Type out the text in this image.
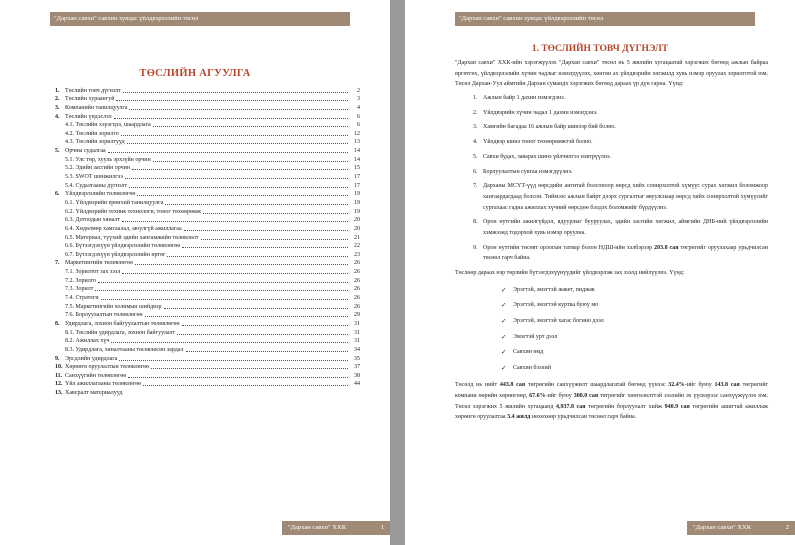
"Дархан савхи" савхин хувцас үйлдвэрлэлийн төсөл
ТӨСЛИЙН АГУУЛГА
1. Төслийн товч дүгнэлт	2
2. Төслийн хураангуй	3
3. Компанийн танилцуулга	4
4. Төслийн үндэслэл	6
4.1. Төслийн хэрэгцээ, шаардлага	6
4.2. Төслийн зорилго	12
4.3. Төслийн зорилтууд	13
5. Орчны судалгаа	14
5.1. Улс төр, хууль эрхзүйн орчин	14
5.2. Эдийн засгийн орчин	15
5.3. SWOT шинжилгээ	17
5.4. Судалгааны дүгнэлт	17
6. Үйлдвэрлэлийн төлөвлөгөө	19
6.1. Үйлдвэрийн ерөнхий танилцуулга	19
6.2. Үйлдвэрийн техник технологи, тоног төхөөрөмж	19
6.3. Дотоодын хяналт	20
6.4. Хөдөлмөр хамгаалал, аюулгүй ажиллагаа	20
6.5. Материал, түүхий эдийн хангамжийн төлөвлөлт	21
6.6. Бүтээгдэхүүн үйлдвэрлэлийн төлөвлөгөө	22
6.7. Бүтээгдэхүүн үйлдвэрлэлийн өртөг	23
7. Маркетингийн төлөвлөгөө	26
7.1. Зорилтот зах зээл	26
7.2. Зорилго	26
7.3. Зорилт	26
7.4. Стратеги	26
7.5. Маркетингийн холимын шийдвэр	26
7.6. Борлуулалтын төлөвлөгөө	29
8. Удирдлага, зохион байгуулалтын төлөвлөгөө	31
8.1. Төслийн удирдлага, зохион байгуулалт	31
8.2. Ажиллах хүч	31
8.3. Удирдлага, хяналтааны төсөвлөсөн зардал	34
9. Эрсдлийн удирдлага	35
10. Хөрөнгө оруулалтын төлөвлөгөө	37
11. Санхүүгийн төлөвлөгөө	38
12. Үйл ажиллагааны төлөвлөгөө	44
13. Хавсралт материалууд
"Дархан савхи" ХХК	1
"Дархан савхи" савхин хувцас үйлдвэрлэлийн төсөл
1. ТӨСЛИЙН ТОВЧ ДҮГНЭЛТ

"Дархан савхи" ХХК-ийн хэрэгжүүлэх "Дархан савхи" төсөл нь 5 жилийн хугацаатай хэрэгжих бөгөөд ажлын байраа өргөтгөх, үйлдвэрлэлийн хүчин чадлыг нэмэгдүүлэх, хөнгөн ах үйлдвэрийн хөгжилд хувь нэмэр оруулах зорилготой юм. Төсөл Дархан-Уул аймгийн Дархан сумандх хэрэгжих бөгөөд дараах үр дүн гарна. Үүнд:

1. Ажлын байр 1 дахин нэмэгдэнэ.
2. Үйлдвэрийн хүчин чадал 1 дахин нэмэгдэнэ.
3. Хамгийн багадаа 16 ажлын байр шинээр бий болно.
4. Үйлдвэр шинэ тоног төхөөрөмжтэй болно.
5. Савхи будах, заварах шинэ үйлчилгээ нэвтрүүлнэ.
6. Борлуулалтын сувгаа нэмэгдүүлнэ.
7. Дарханы МСҮТ-үүд өөрсдийн ангитай болсоноор өөрсд хийх сонирхолтой хүмүүс сурах хөгжил боломжоор хангаардагдаад болсон. Тиймээс ажлын байрт дээрх сургалтыг явуулснаар өөрсд хийх сонирхолтой хүмүүсийг сургахаас гадна ажиллах хүчний өөрсдөө бэлдэх боломжийг бүрдүүлнэ.
8. Орон нутгийн ажилгүйдэл, ядуурлыг бууруулах, эдийн засгийн хөгжил, аймгийн ДНБ-ний үйлдвэрлэлийн хэмжээнд тодорхой хувь нэмэр оруулна.
9. Орон нутгийн төсөвт орлогын татвар болон НДШ-ийн хэлбэрээр 203.8 сая төгрөгийг оруулахаар урьдчилсан төсөөл гарч байна.

Төслөөр дараах нэр төрлийн бүтээгдэхүүнүүдийг үйлдвэрлэж зах зээлд нийлүүлнэ. Үүнд:

✓ Эрэгтэй, эмэгтэй жакет, пиджак
✓ Эрэгтэй, эмэгтэй куртка буюу мо
✓ Эрэгтэй, эмэгтэй хагас богино дээл
✓ Эмэгтэй урт дээл
✓ Савхин өмд
✓ Савхин бээлий

Төсөлд нь нийт 443.8 сая төгрөгийн санхүүжилт шаардлагатай бөгөөд үүнээс 32.4%-ийг буюу 143.8 сая төгрөгийг компани өөрийн хөрөнгөөр, 67.6%-ийг буюу 300.0 сая төгрөгийг хөнгөлөлттэй зээлийн эх үүсвэрээс санхүүжүүлэх юм. Төсөл хэрэгжих 5 жилийн хугацаанд 4,937.8 сая төгрөгийн борлуулалт хийж 940.9 сая төгрөгийн ашигтай ажиллаж хөрөнгө оруулалтаа 3.4 жилд нөхөхөөр урьдчилсан төсөөл гарч байна.

"Дархан савхи" ХХК	2
